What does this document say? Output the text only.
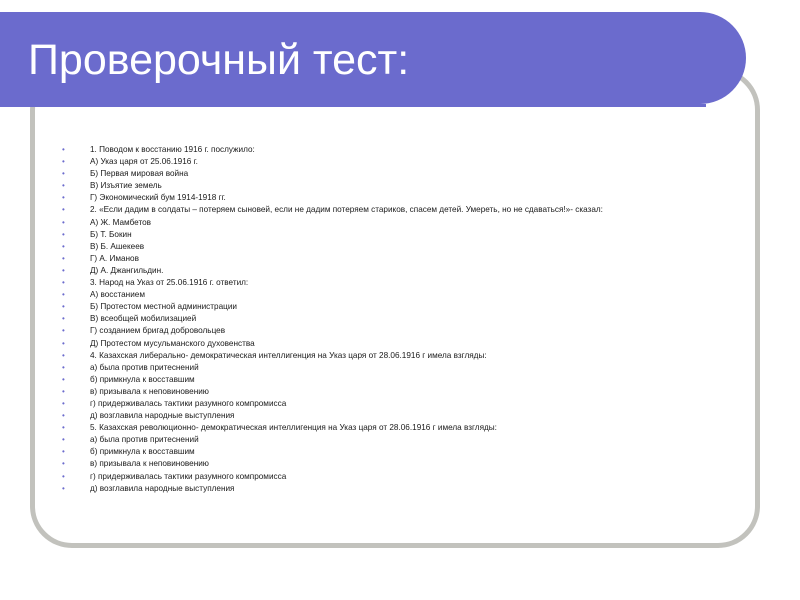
Проверочный тест:
•	1. Поводом к восстанию 1916 г. послужило:
•	А) Указ царя от 25.06.1916 г.
•	Б) Первая мировая война
•	В) Изъятие земель
•	Г) Экономический бум 1914-1918 гг.
•	2. «Если дадим в солдаты – потеряем сыновей, если не дадим потеряем стариков, спасем детей. Умереть, но не сдаваться!»- сказал:
•	А) Ж. Мамбетов
•	Б) Т. Бокин
•	В) Б. Ашекеев
•	Г) А. Иманов
•	Д) А. Джангильдин.
•	3. Народ на Указ от 25.06.1916 г. ответил:
•	А) восстанием
•	Б) Протестом местной администрации
•	В) всеобщей мобилизацией
•	Г) созданием бригад добровольцев
•	Д) Протестом мусульманского духовенства
•	4. Казахская либерально- демократическая интеллигенция на Указ царя от 28.06.1916 г имела взгляды:
•	а) была против притеснений
•	б) примкнула к восставшим
•	в) призывала к неповиновению
•	г) придерживалась тактики разумного компромисса
•	д) возглавила народные выступления
•	5. Казахская революционно- демократическая интеллигенция на Указ царя от 28.06.1916 г имела взгляды:
•	а) была против притеснений
•	б) примкнула к восставшим
•	в) призывала к неповиновению
•	г) придерживалась тактики разумного компромисса
•	д) возглавила народные выступления
